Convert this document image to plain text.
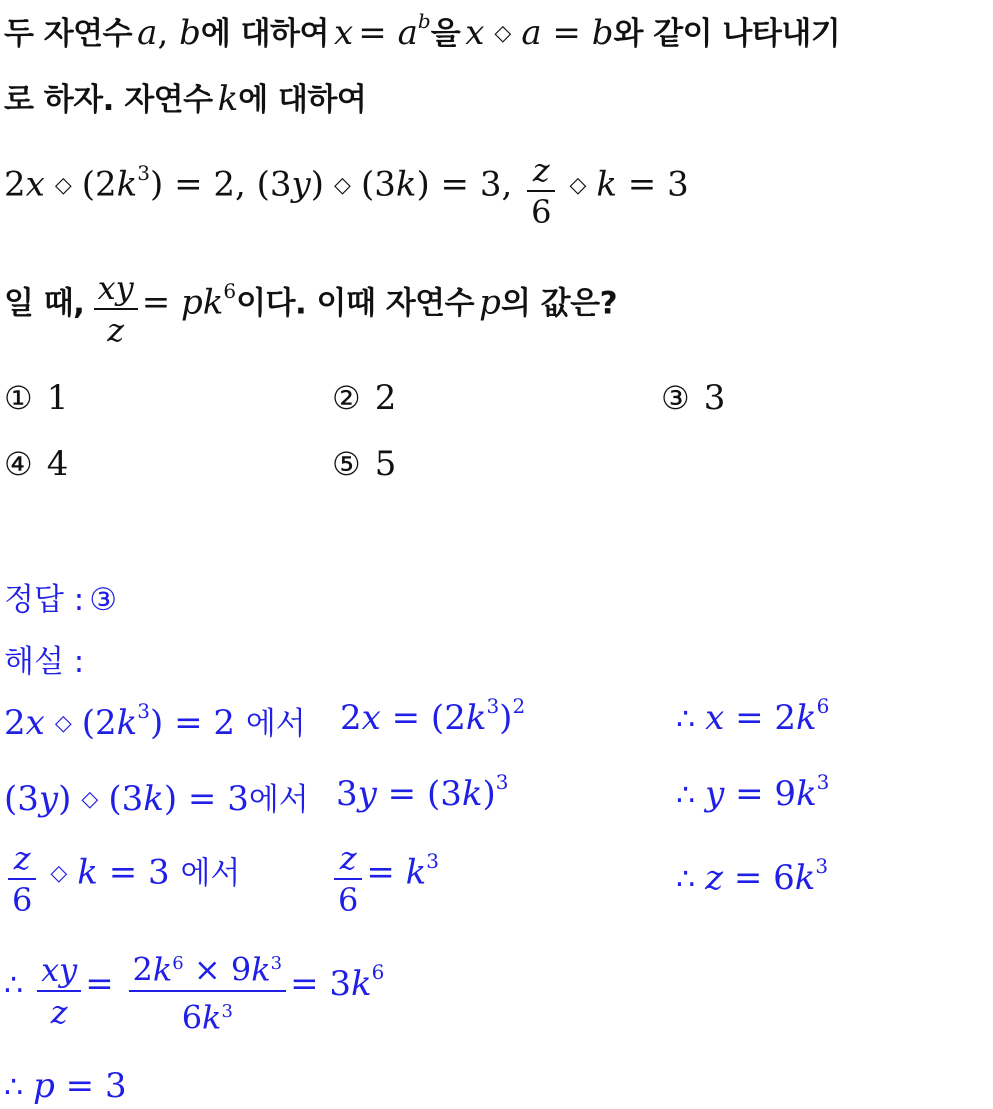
두 자연수 a, b에 대하여 x = ab을 x ◇ a = b와 같이 나타내기
로 하자. 자연수 k에 대하여
2x ◇ (2k3) = 2, (3y) ◇ (3k) = 3, $\frac{z}{6}$ ◇ k = 3
일 때, $\frac{xy}{z} = pk6$이다. 이때 자연수 p의 값은?
① 1	② 2	③ 3
④ 4	⑤ 5
정답 : ③
해설 :
2x ◇ (2k3) = 2 에서 2x = (2k3)2	∴ x = 2k6
(3y) ◇ (3k) = 3에서 3y = (3k)3	∴ y = 9k3
$\frac{z}{6}$ ◇ k = 3 에서	$\frac{z}{6} = k3$
∴ z = 6k3
∴ $\frac{xy}{z} = \frac{2k^6 \times 9k^3}{6k^3} = 3k6$
∴ p = 3
